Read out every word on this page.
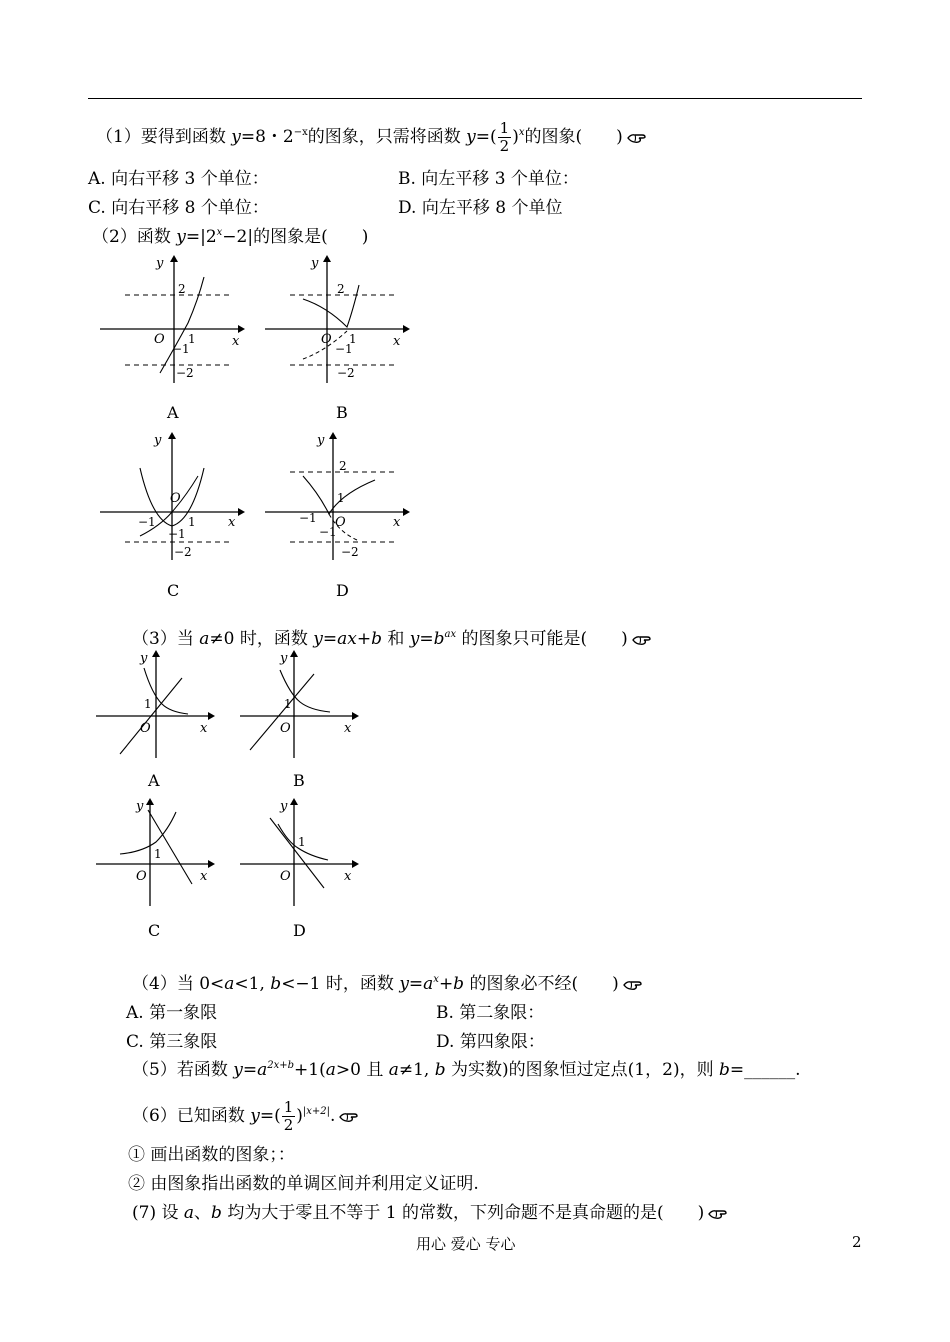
（1）要得到函数 y=8・$2^{-x}$的图象，只需将函数 $y=( \frac{1}{2} )^x$的图象(　　)
A. 向右平移 3 个单位：	B. 向左平移 3 个单位：
C. 向右平移 8 个单位：	D. 向左平移 8 个单位
（2）函数 $y=|2^x-2|$的图象是(　　)
y
x
O
2
1
−1
−2
A
y
x
O
2
1
−1
−2
B
y
x
O
−1	1
−1
−2
C
y
x
O
2
1
−1
−1
−2
D
（3）当 a≠0 时，函数 y=ax+b 和 $y=b^{ax}$ 的图象只可能是(　　)
y
x
O
1
A
y
x
O
1
B
y
x
O
1
C
y
x
O
1
D
（4）当 0<a<1, b<−1 时，函数 $y=a^x+b$ 的图象必不经(　　)
A. 第一象限	B. 第二象限：
C. 第三象限	D. 第四象限：
（5）若函数 $y=a^{2x+b}+1(a>0$ 且 a≠1, b 为实数)的图象恒过定点(1，2)，则 b=______.
（6）已知函数 $y=( \frac{1}{2} )^{|x+2|}$.
① 画出函数的图象；：
② 由图象指出函数的单调区间并利用定义证明.
(7) 设 a、b 均为大于零且不等于 1 的常数，下列命题不是真命题的是(　　)
用心 爱心 专心	2
